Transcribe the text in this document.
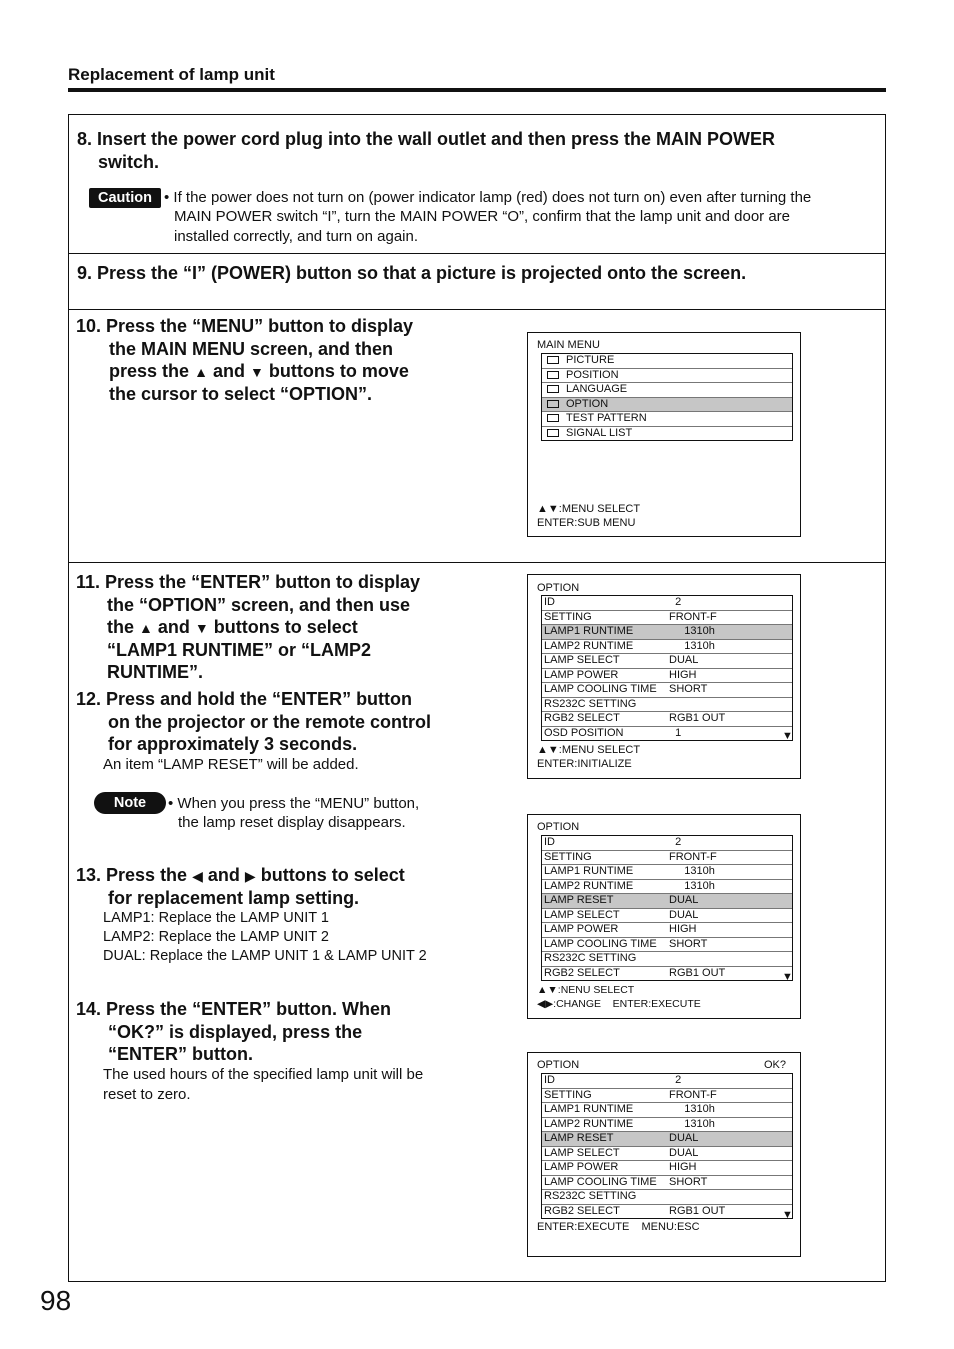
Replacement of lamp unit
8. Insert the power cord plug into the wall outlet and then press the MAIN POWER
switch.
Caution • If the power does not turn on (power indicator lamp (red) does not turn on) even after turning the
MAIN POWER switch “I”, turn the MAIN POWER “O”, confirm that the lamp unit and door are
installed correctly, and turn on again.
9. Press the “I” (POWER) button so that a picture is projected onto the screen.
10. Press the “MENU” button to display
the MAIN MENU screen, and then
press the ▲ and ▼ buttons to move
the cursor to select “OPTION”.
MAIN MENU
PICTURE
POSITION
LANGUAGE
OPTION
TEST PATTERN
SIGNAL LIST
▲▼:MENU SELECT
ENTER:SUB MENU
11. Press the “ENTER” button to display
the “OPTION” screen, and then use
the ▲ and ▼ buttons to select
“LAMP1 RUNTIME” or “LAMP2
RUNTIME”.
12. Press and hold the “ENTER” button
on the projector or the remote control
for approximately 3 seconds.
An item “LAMP RESET” will be added.
Note	• When you press the “MENU” button,
the lamp reset display disappears.
OPTION
ID	2
SETTING	FRONT-F
LAMP1 RUNTIME	1310h
LAMP2 RUNTIME	1310h
LAMP SELECT	DUAL
LAMP POWER	HIGH
LAMP COOLING TIME SHORT
RS232C SETTING
RGB2 SELECT	RGB1 OUT
OSD POSITION	1	▼
▲▼:MENU SELECT
ENTER:INITIALIZE
13. Press the ◀ and ▶ buttons to select
for replacement lamp setting.
LAMP1: Replace the LAMP UNIT 1
LAMP2: Replace the LAMP UNIT 2
DUAL: Replace the LAMP UNIT 1 & LAMP UNIT 2
OPTION
ID	2
SETTING	FRONT-F
LAMP1 RUNTIME	1310h
LAMP2 RUNTIME	1310h
LAMP RESET	DUAL
LAMP SELECT	DUAL
LAMP POWER	HIGH
LAMP COOLING TIME SHORT
RS232C SETTING
RGB2 SELECT	RGB1 OUT	▼
▲▼:NENU SELECT
◀▶:CHANGE    ENTER:EXECUTE
14. Press the “ENTER” button. When
“OK?” is displayed, press the
“ENTER” button.
The used hours of the specified lamp unit will be
reset to zero.
OPTION	OK?
ID	2
SETTING	FRONT-F
LAMP1 RUNTIME	1310h
LAMP2 RUNTIME	1310h
LAMP RESET	DUAL
LAMP SELECT	DUAL
LAMP POWER	HIGH
LAMP COOLING TIME SHORT
RS232C SETTING
RGB2 SELECT	RGB1 OUT	▼
ENTER:EXECUTE    MENU:ESC
98
